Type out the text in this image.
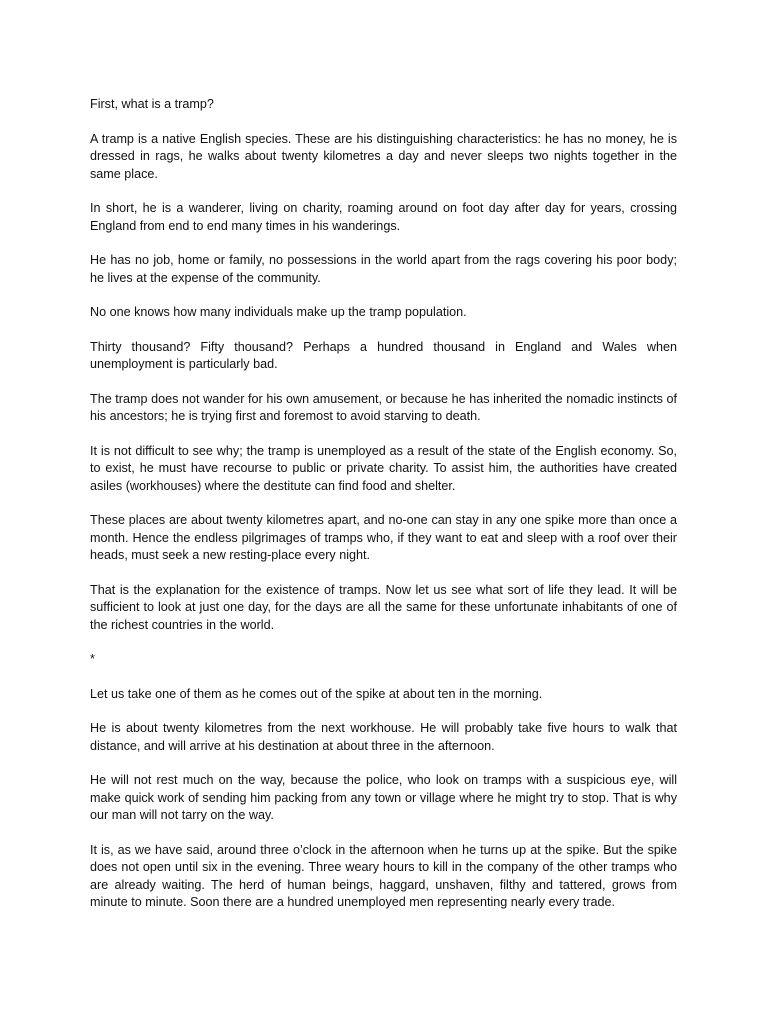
First, what is a tramp?

A tramp is a native English species. These are his distinguishing characteristics: he has no money, he is dressed in rags, he walks about twenty kilometres a day and never sleeps two nights together in the same place.

In short, he is a wanderer, living on charity, roaming around on foot day after day for years, crossing England from end to end many times in his wanderings.

He has no job, home or family, no possessions in the world apart from the rags covering his poor body; he lives at the expense of the community.

No one knows how many individuals make up the tramp population.

Thirty thousand? Fifty thousand? Perhaps a hundred thousand in England and Wales when unemployment is particularly bad.

The tramp does not wander for his own amusement, or because he has inherited the nomadic instincts of his ancestors; he is trying first and foremost to avoid starving to death.

It is not difficult to see why; the tramp is unemployed as a result of the state of the English economy. So, to exist, he must have recourse to public or private charity. To assist him, the authorities have created asiles (workhouses) where the destitute can find food and shelter.

These places are about twenty kilometres apart, and no-one can stay in any one spike more than once a month. Hence the endless pilgrimages of tramps who, if they want to eat and sleep with a roof over their heads, must seek a new resting-place every night.

That is the explanation for the existence of tramps. Now let us see what sort of life they lead. It will be sufficient to look at just one day, for the days are all the same for these unfortunate inhabitants of one of the richest countries in the world.

*

Let us take one of them as he comes out of the spike at about ten in the morning.

He is about twenty kilometres from the next workhouse. He will probably take five hours to walk that distance, and will arrive at his destination at about three in the afternoon.

He will not rest much on the way, because the police, who look on tramps with a suspicious eye, will make quick work of sending him packing from any town or village where he might try to stop. That is why our man will not tarry on the way.

It is, as we have said, around three o’clock in the afternoon when he turns up at the spike. But the spike does not open until six in the evening. Three weary hours to kill in the company of the other tramps who are already waiting. The herd of human beings, haggard, unshaven, filthy and tattered, grows from minute to minute. Soon there are a hundred unemployed men representing nearly every trade.
